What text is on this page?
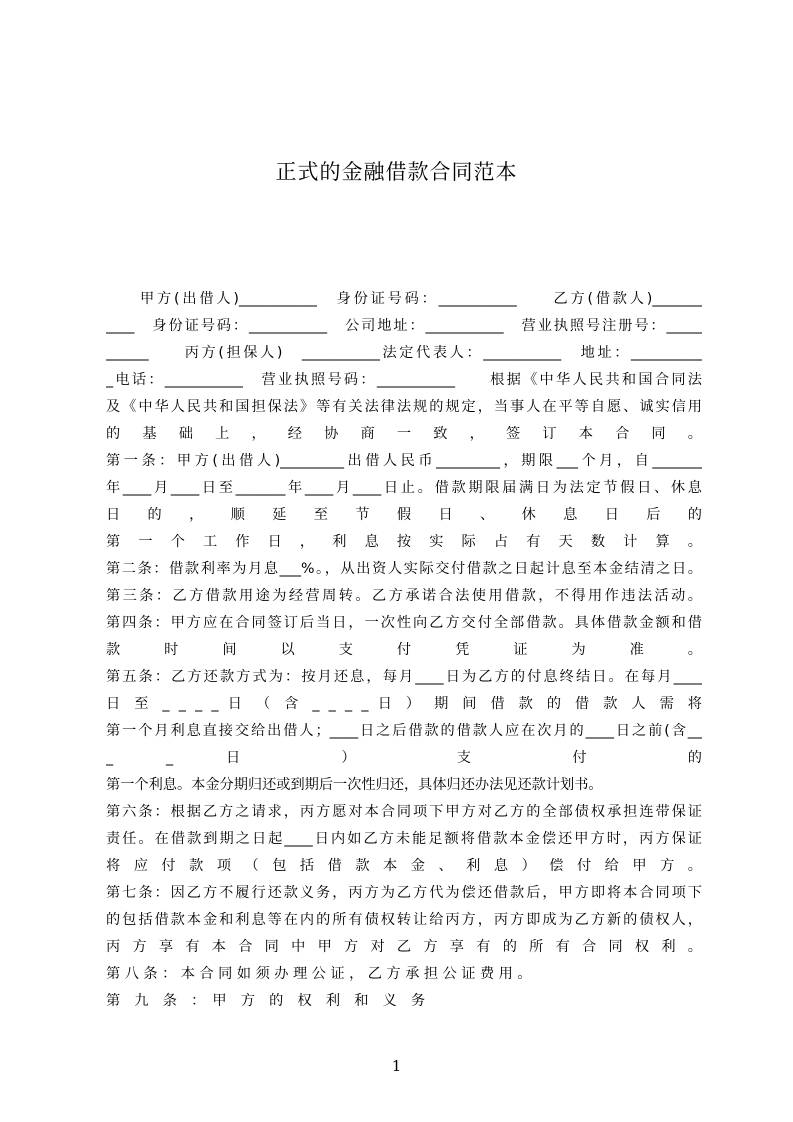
正式的金融借款合同范本
甲方(出借人)___________　身份证号码：___________　　乙方(借款人)_______
____　身份证号码：___________　公司地址：___________　营业执照号注册号：_____
______　　丙方(担保人)　___________法定代表人：___________　地址：__________
_电话：___________　营业执照号码：___________　　根据《中华人民共和国合同法
及《中华人民共和国担保法》等有关法律法规的规定，当事人在平等自愿、诚实信用
的 基 础 上 ， 经 协 商 一 致 ， 签 订 本 合 同 。
第一条：甲方(出借人)_________出借人民币_________，期限___个月，自_______
年____月____日至_______年____月____日止。借款期限届满日为法定节假日、休息
日 的 ， 顺 延 至 节 假 日 、 休 息 日 后 的
第 一 个 工 作 日 ， 利 息 按 实 际 占 有 天 数 计 算 。
第二条：借款利率为月息___%。，从出资人实际交付借款之日起计息至本金结清之日。
第三条：乙方借款用途为经营周转。乙方承诺合法使用借款，不得用作违法活动。
第四条：甲方应在合同签订后当日，一次性向乙方交付全部借款。具体借款金额和借
款 时 间 以 支 付 凭 证 为 准 。
第五条：乙方还款方式为：按月还息，每月____日为乙方的付息终结日。在每月____
日 至 _ _ _ _ 日 （ 含 _ _ _ _ 日 ） 期 间 借 款 的 借 款 人 需 将
第一个月利息直接交给出借人；____日之后借款的借款人应在次月的____日之前(含__
_ _ 日 ） 支 付 的
第一个利息。本金分期归还或到期后一次性归还，具体归还办法见还款计划书。
第六条：根据乙方之请求，丙方愿对本合同项下甲方对乙方的全部债权承担连带保证
责任。在借款到期之日起____日内如乙方未能足额将借款本金偿还甲方时，丙方保证
将 应 付 款 项 （ 包 括 借 款 本 金 、 利 息 ） 偿 付 给 甲 方 。
第七条：因乙方不履行还款义务，丙方为乙方代为偿还借款后，甲方即将本合同项下
的包括借款本金和利息等在内的所有债权转让给丙方，丙方即成为乙方新的债权人，
丙 方 享 有 本 合 同 中 甲 方 对 乙 方 享 有 的 所 有 合 同 权 利 。
第 八 条 ： 本 合 同 如 须 办 理 公 证 ， 乙 方 承 担 公 证 费 用 。
第　九　条　：　甲　方　的　权　利　和　义　务
1
